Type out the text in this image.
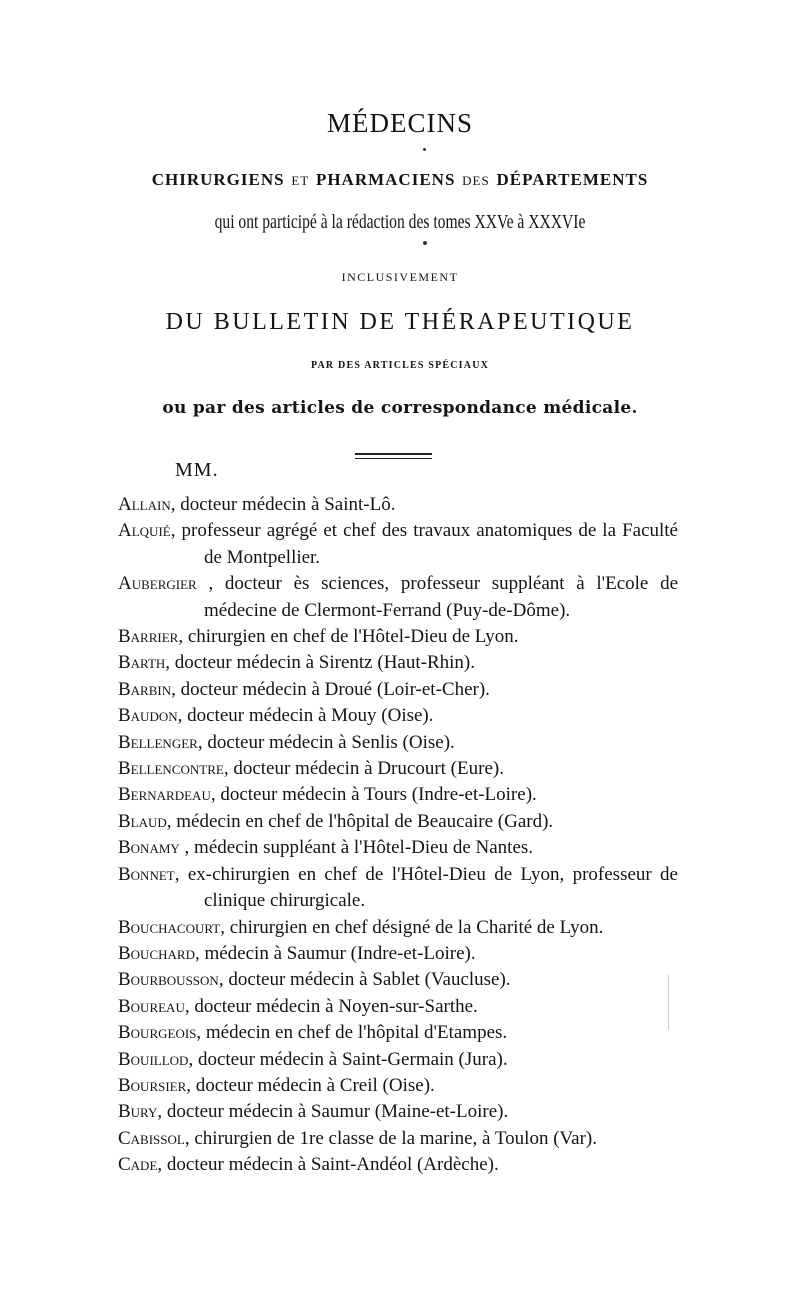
MÉDECINS
CHIRURGIENS ET PHARMACIENS DES DÉPARTEMENTS
qui ont participé à la rédaction des tomes XXVe à XXXVIe
INCLUSIVEMENT
DU BULLETIN DE THÉRAPEUTIQUE
PAR DES ARTICLES SPÉCIAUX
ou par des articles de correspondance médicale.
MM.
Allain, docteur médecin à Saint-Lô.
Alquié, professeur agrégé et chef des travaux anatomiques de la Faculté de Montpellier.
Aubergier , docteur ès sciences, professeur suppléant à l'Ecole de médecine de Clermont-Ferrand (Puy-de-Dôme).
Barrier, chirurgien en chef de l'Hôtel-Dieu de Lyon.
Barth, docteur médecin à Sirentz (Haut-Rhin).
Barbin, docteur médecin à Droué (Loir-et-Cher).
Baudon, docteur médecin à Mouy (Oise).
Bellenger, docteur médecin à Senlis (Oise).
Bellencontre, docteur médecin à Drucourt (Eure).
Bernardeau, docteur médecin à Tours (Indre-et-Loire).
Blaud, médecin en chef de l'hôpital de Beaucaire (Gard).
Bonamy , médecin suppléant à l'Hôtel-Dieu de Nantes.
Bonnet, ex-chirurgien en chef de l'Hôtel-Dieu de Lyon, professeur de clinique chirurgicale.
Bouchacourt, chirurgien en chef désigné de la Charité de Lyon.
Bouchard, médecin à Saumur (Indre-et-Loire).
Bourbousson, docteur médecin à Sablet (Vaucluse).
Boureau, docteur médecin à Noyen-sur-Sarthe.
Bourgeois, médecin en chef de l'hôpital d'Etampes.
Bouillod, docteur médecin à Saint-Germain (Jura).
Boursier, docteur médecin à Creil (Oise).
Bury, docteur médecin à Saumur (Maine-et-Loire).
Cabissol, chirurgien de 1re classe de la marine, à Toulon (Var).
Cade, docteur médecin à Saint-Andéol (Ardèche).
